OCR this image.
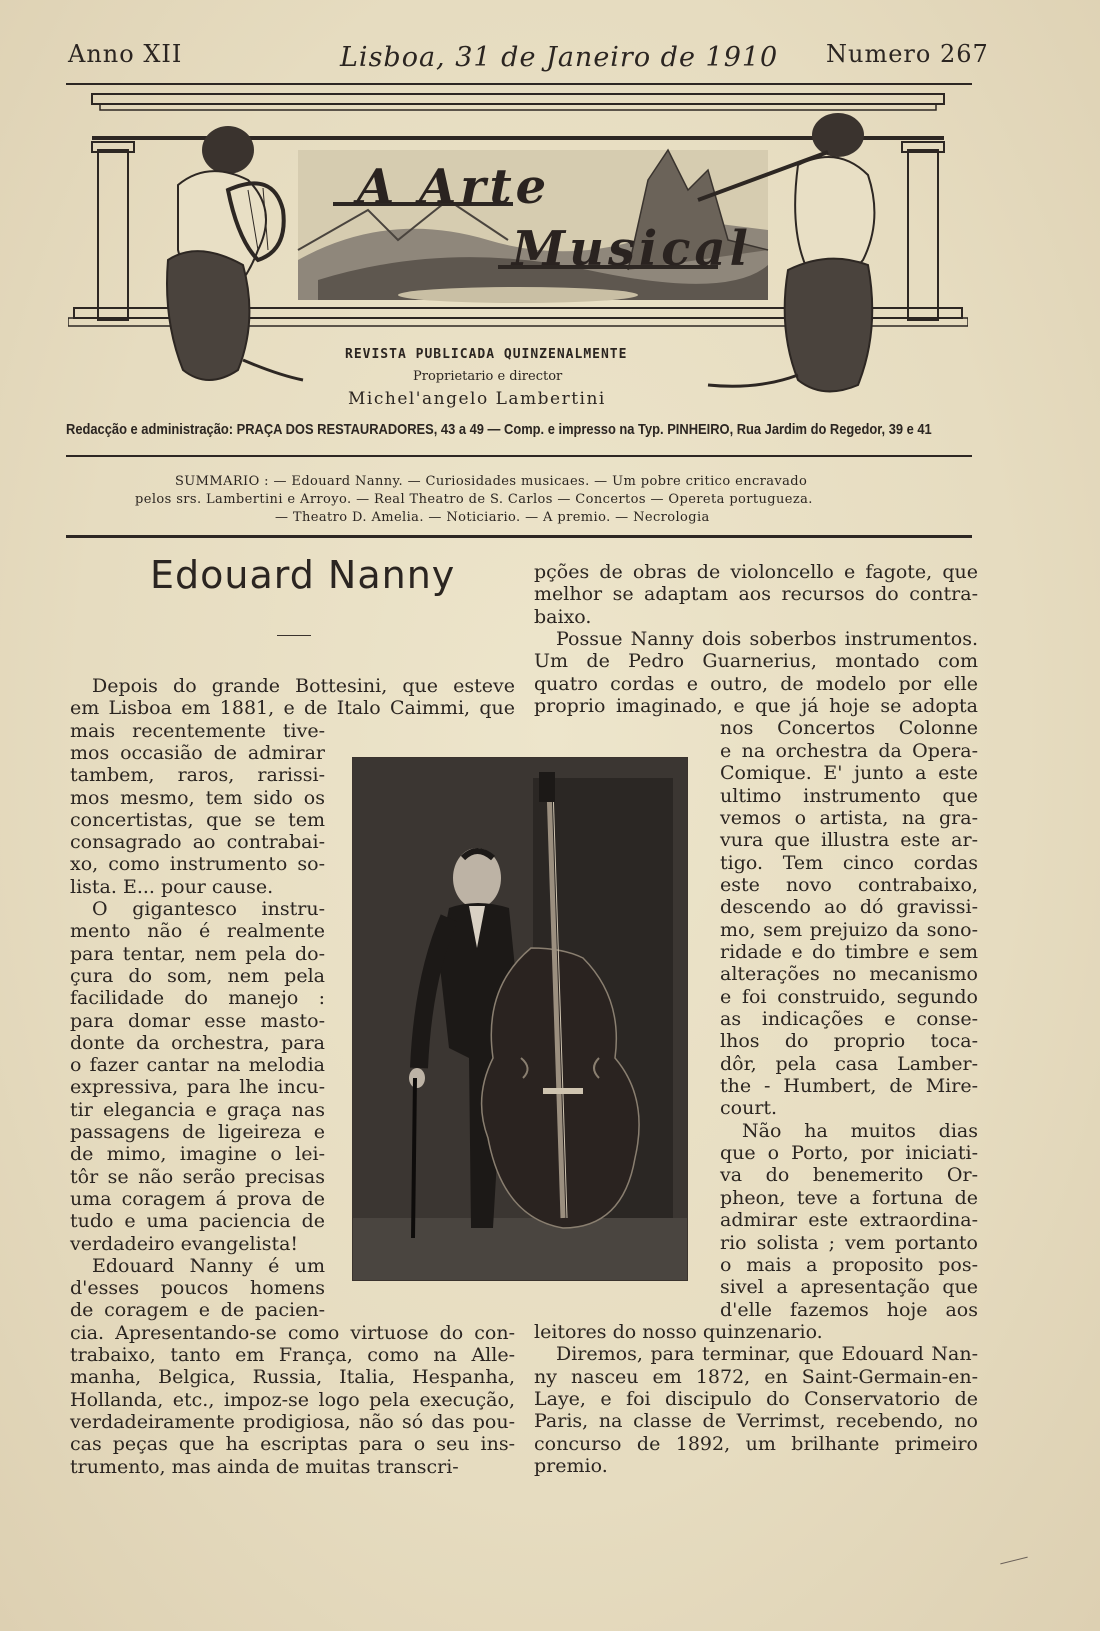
Anno XII	Lisboa, 31 de Janeiro de 1910 Numero 267
A Arte
Musical
REVISTA PUBLICADA QUINZENALMENTE
Proprietario e director
Michel'angelo Lambertini
Redacção e administração: PRAÇA DOS RESTAURADORES, 43 a 49 — Comp. e impresso na Typ. PINHEIRO, Rua Jardim do Regedor, 39 e 41
SUMMARIO : — Edouard Nanny. — Curiosidades musicaes. — Um pobre critico encravado
pelos srs. Lambertini e Arroyo. — Real Theatro de S. Carlos — Concertos — Opereta portugueza.
— Theatro D. Amelia. — Noticiario. — A premio. — Necrologia
Edouard Nanny
Depois do grande Bottesini, que esteve
em Lisboa em 1881, e de Italo Caimmi, que
mais recentemente tive-
mos occasião de admirar
tambem, raros, rarissi-
mos mesmo, tem sido os
concertistas, que se tem
consagrado ao contrabai-
xo, como instrumento so-
lista. E... pour cause.
O gigantesco instru-
mento não é realmente
para tentar, nem pela do-
çura do som, nem pela
facilidade do manejo :
para domar esse masto-
donte da orchestra, para
o fazer cantar na melodia
expressiva, para lhe incu-
tir elegancia e graça nas
passagens de ligeireza e
de mimo, imagine o lei-
tôr se não serão precisas
uma coragem á prova de
tudo e uma paciencia de
verdadeiro evangelista!
Edouard Nanny é um
d'esses poucos homens
de coragem e de pacien-
cia. Apresentando-se como virtuose do con-
trabaixo, tanto em França, como na Alle-
manha, Belgica, Russia, Italia, Hespanha,
Hollanda, etc., impoz-se logo pela execução,
verdadeiramente prodigiosa, não só das pou-
cas peças que ha escriptas para o seu ins-
trumento, mas ainda de muitas transcri-
pções de obras de violoncello e fagote, que
melhor se adaptam aos recursos do contra-
baixo.
Possue Nanny dois soberbos instrumentos.
Um de Pedro Guarnerius, montado com
quatro cordas e outro, de modelo por elle
proprio imaginado, e que já hoje se adopta
nos Concertos Colonne
e na orchestra da Opera-
Comique. E' junto a este
ultimo instrumento que
vemos o artista, na gra-
vura que illustra este ar-
tigo. Tem cinco cordas
este novo contrabaixo,
descendo ao dó gravissi-
mo, sem prejuizo da sono-
ridade e do timbre e sem
alterações no mecanismo
e foi construido, segundo
as indicações e conse-
lhos do proprio toca-
dôr, pela casa Lamber-
the - Humbert, de Mire-
court.
Não ha muitos dias
que o Porto, por iniciati-
va do benemerito Or-
pheon, teve a fortuna de
admirar este extraordina-
rio solista ; vem portanto
o mais a proposito pos-
sivel a apresentação que
d'elle fazemos hoje aos
leitores do nosso quinzenario.
Diremos, para terminar, que Edouard Nan-
ny nasceu em 1872, en Saint-Germain-en-
Laye, e foi discipulo do Conservatorio de
Paris, na classe de Verrimst, recebendo, no
concurso de 1892, um brilhante primeiro
premio.
